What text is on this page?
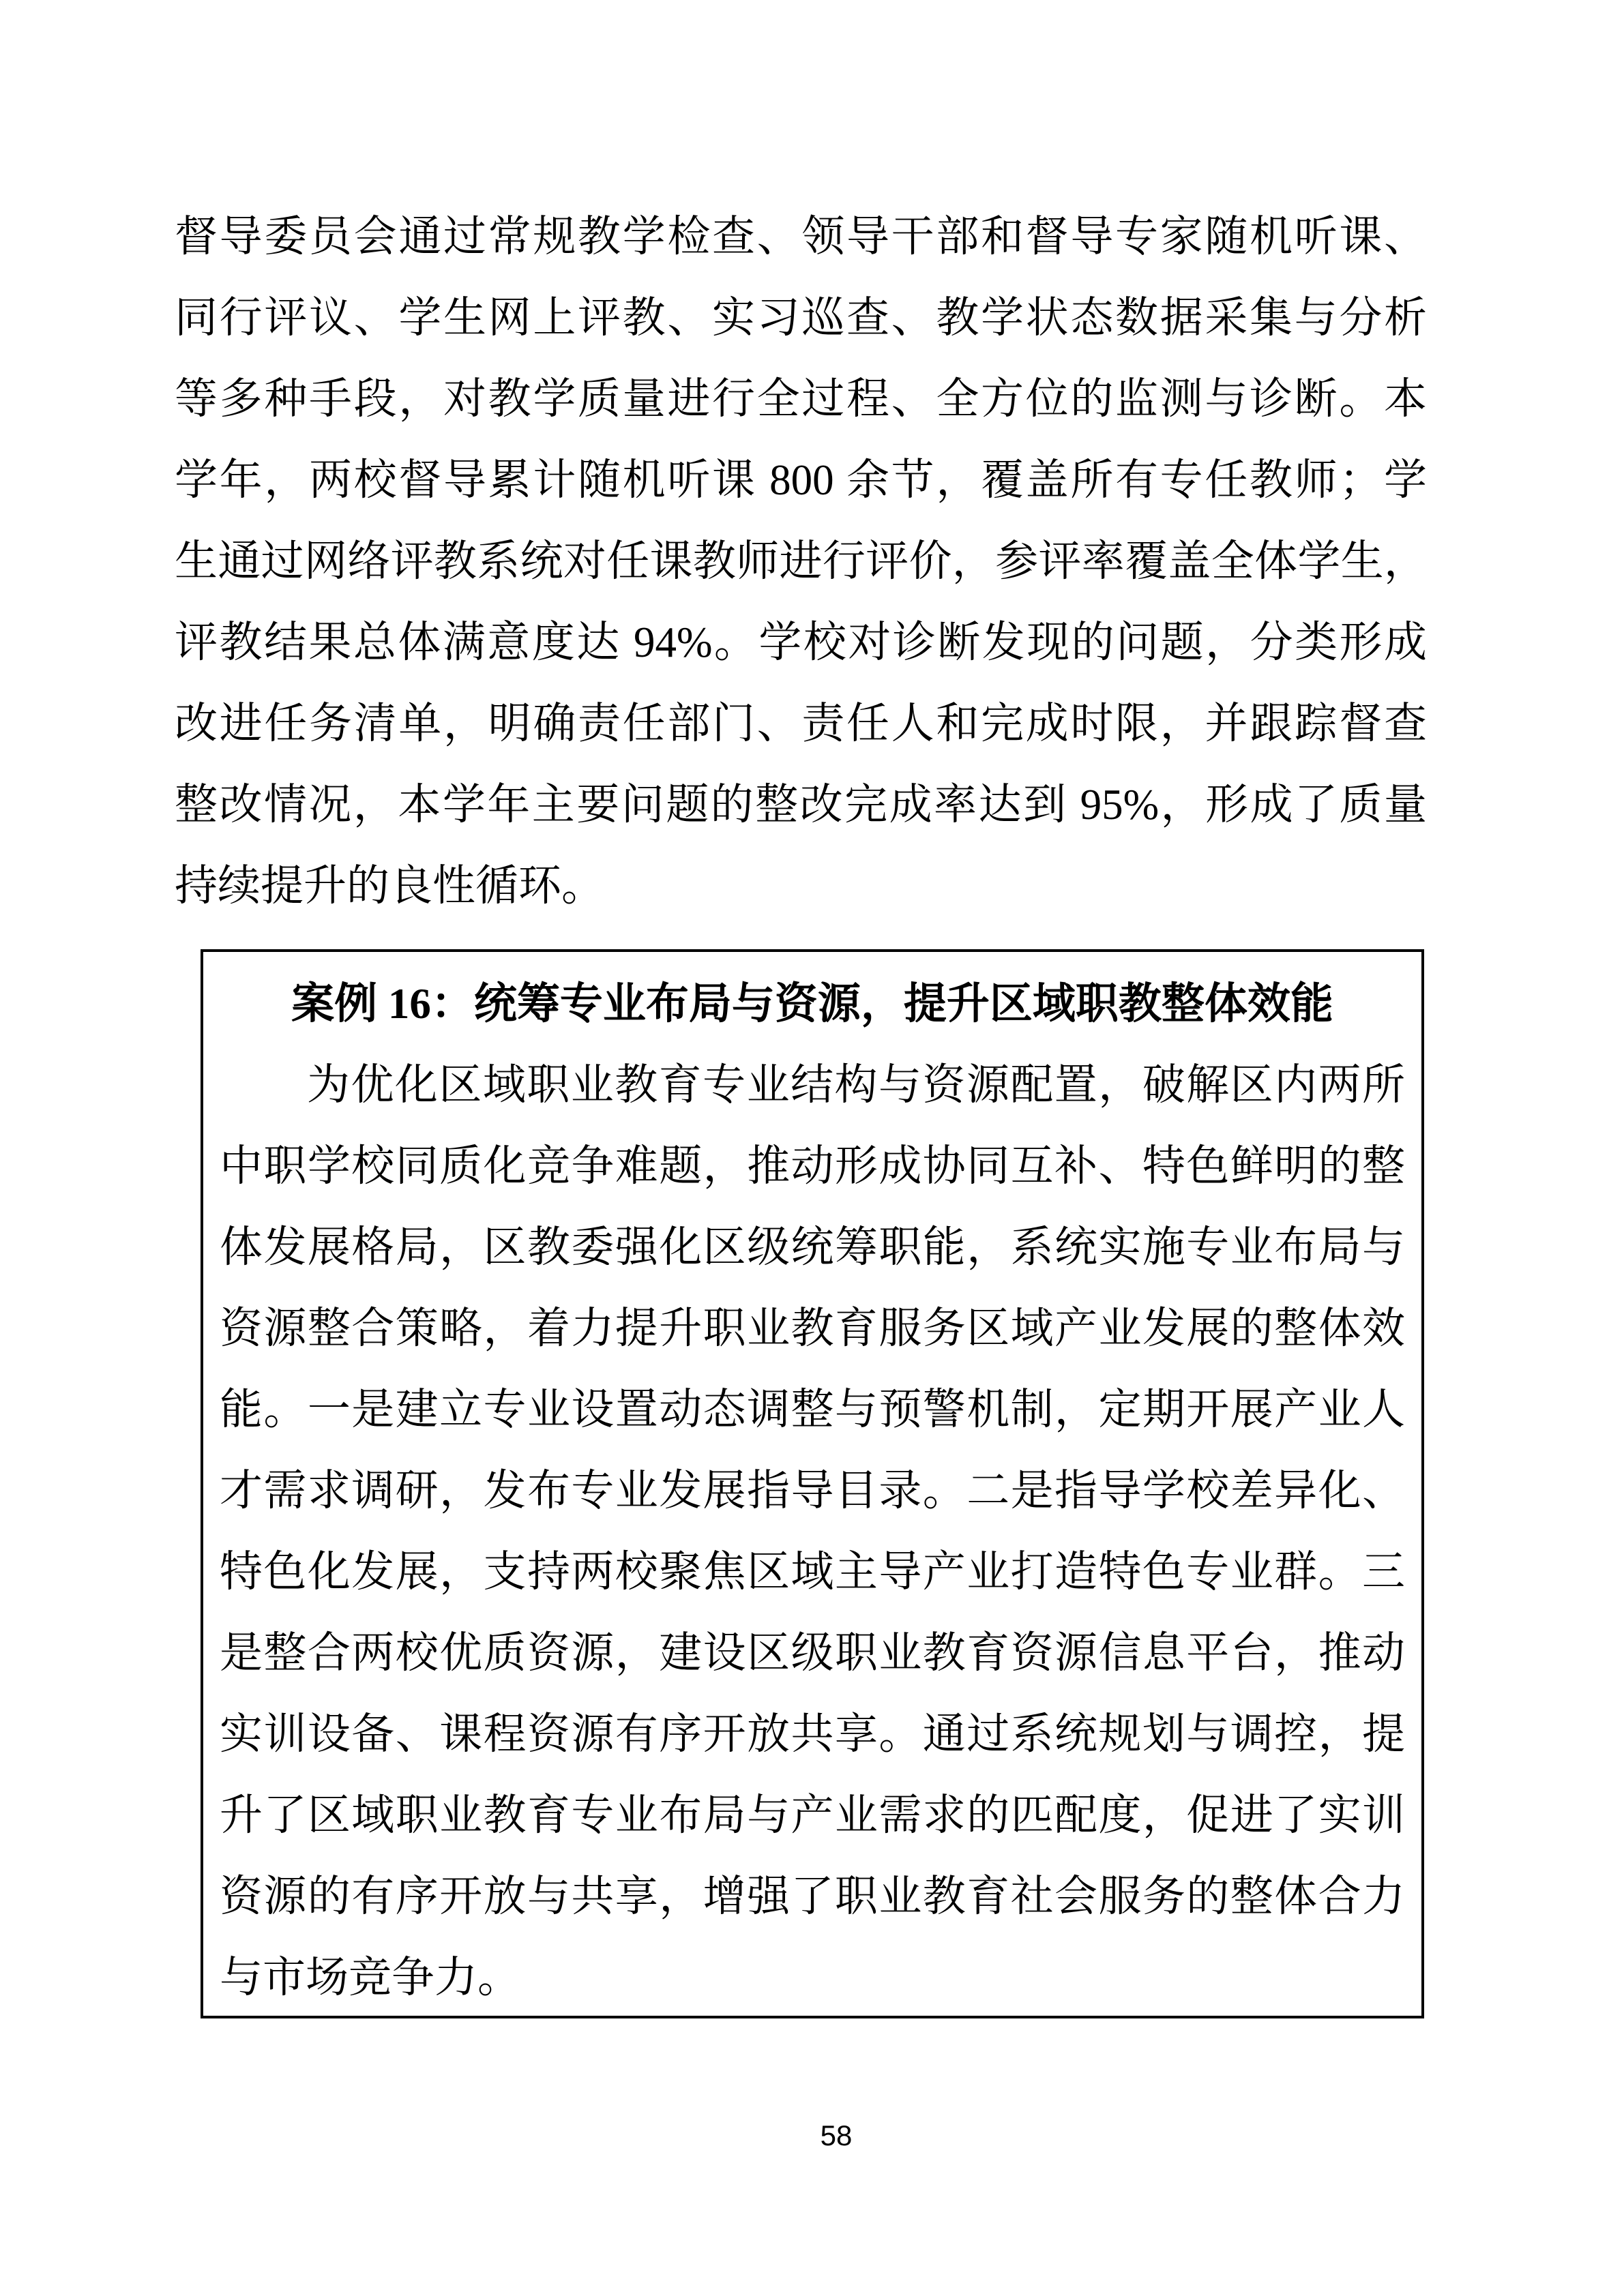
督导委员会通过常规教学检查、领导干部和督导专家随机听课、
同行评议、学生网上评教、实习巡查、教学状态数据采集与分析
等多种手段，对教学质量进行全过程、全方位的监测与诊断。本
学年，两校督导累计随机听课 800 余节，覆盖所有专任教师；学
生通过网络评教系统对任课教师进行评价，参评率覆盖全体学生，
评教结果总体满意度达 94%。学校对诊断发现的问题，分类形成
改进任务清单，明确责任部门、责任人和完成时限，并跟踪督查
整改情况，本学年主要问题的整改完成率达到 95%，形成了质量
持续提升的良性循环。
案例 16：统筹专业布局与资源，提升区域职教整体效能
为优化区域职业教育专业结构与资源配置，破解区内两所
中职学校同质化竞争难题，推动形成协同互补、特色鲜明的整
体发展格局，区教委强化区级统筹职能，系统实施专业布局与
资源整合策略，着力提升职业教育服务区域产业发展的整体效
能。一是建立专业设置动态调整与预警机制，定期开展产业人
才需求调研，发布专业发展指导目录。二是指导学校差异化、
特色化发展，支持两校聚焦区域主导产业打造特色专业群。三
是整合两校优质资源，建设区级职业教育资源信息平台，推动
实训设备、课程资源有序开放共享。通过系统规划与调控，提
升了区域职业教育专业布局与产业需求的匹配度，促进了实训
资源的有序开放与共享，增强了职业教育社会服务的整体合力
与市场竞争力。
58
